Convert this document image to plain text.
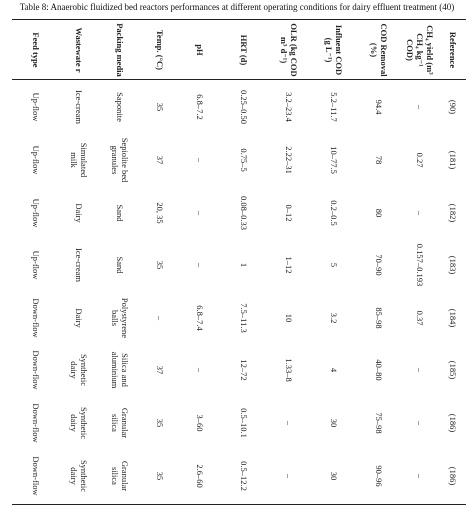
Table 8: Anaerobic fluidized bed reactors performances at different operating conditions for dairy effluent treatment (40)
Feed type	Wastewate r	Packing media	Temp. (°C)	pH	HRT (d)	OLR (kg COD m³ d⁻¹)	Influent COD (g L⁻¹)	COD Removal (%)	CH₄ yield (m³ CH₄ kg⁻¹ COD)	Reference
Up-flow	Ice-cream	Saponite	35	6.8–7.2	0.25–0.50	3.2–23.4	5.2–11.7	94.4	–	(90)
Up-flow	Simulated milk	Sepiolite bed granules	37	–	0.75–5	2.22–31	10–77.5	78	0.27	(181)
Up-flow	Dairy	Sand	20, 35	–	0.08–0.33	0–12	0.2–0.5	80	–	(182)
Up-flow	Ice-cream	Sand	35	–	1	1–12	5	70–90	0.157–0.193	(183)
Down-flow	Dairy	Polystyrene balls	–	6.8–7.4	7.5–11.3	10	3.2	85–98	0.37	(184)
Down-flow	Synthetic dairy	Silica and aluminium	37	–	12–72	1.33–8	4	40–80	–	(185)
Down-flow	Synthetic dairy	Granular silica	35	3–60	0.5–10.1	–	30	75–98	–	(186)
Down-flow	Synthetic dairy	Granular silica	35	2.6–60	0.5–12.2	–	30	90–96	–	(186)
